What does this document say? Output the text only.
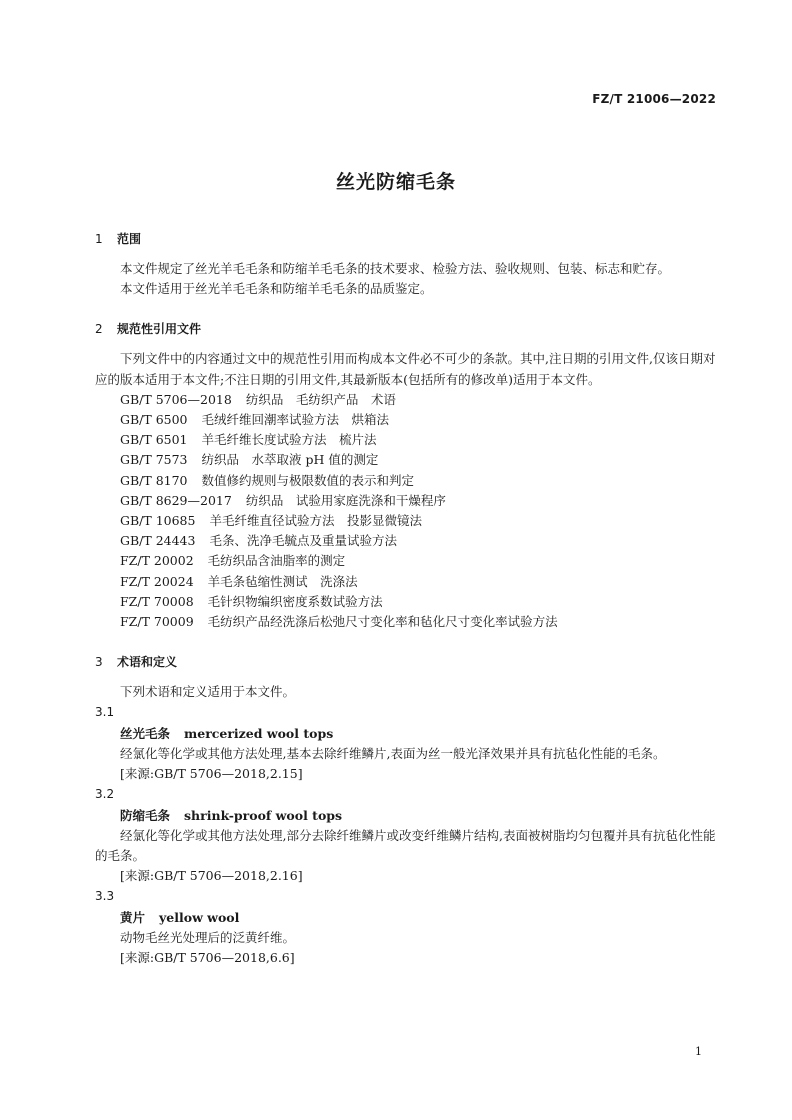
FZ/T 21006—2022
丝光防缩毛条
1 范围

本文件规定了丝光羊毛毛条和防缩羊毛毛条的技术要求、检验方法、验收规则、包装、标志和贮存。

本文件适用于丝光羊毛毛条和防缩羊毛毛条的品质鉴定。

2 规范性引用文件

下列文件中的内容通过文中的规范性引用而构成本文件必不可少的条款。其中,注日期的引用文件,仅该日期对应的版本适用于本文件;不注日期的引用文件,其最新版本(包括所有的修改单)适用于本文件。

GB/T 5706—2018 纺织品　毛纺织产品　术语

GB/T 6500 毛绒纤维回潮率试验方法　烘箱法

GB/T 6501 羊毛纤维长度试验方法　梳片法

GB/T 7573 纺织品　水萃取液 pH 值的测定

GB/T 8170 数值修约规则与极限数值的表示和判定

GB/T 8629—2017 纺织品　试验用家庭洗涤和干燥程序

GB/T 10685 羊毛纤维直径试验方法　投影显微镜法

GB/T 24443 毛条、洗净毛毓点及重量试验方法

FZ/T 20002 毛纺织品含油脂率的测定

FZ/T 20024 羊毛条毡缩性测试　洗涤法

FZ/T 70008 毛针织物编织密度系数试验方法

FZ/T 70009 毛纺织产品经洗涤后松弛尺寸变化率和毡化尺寸变化率试验方法

3 术语和定义

下列术语和定义适用于本文件。

3.1
丝光毛条 mercerized wool tops

经氯化等化学或其他方法处理,基本去除纤维鳞片,表面为丝一般光泽效果并具有抗毡化性能的毛条。

[来源:GB/T 5706—2018,2.15]

3.2
防缩毛条 shrink-proof wool tops

经氯化等化学或其他方法处理,部分去除纤维鳞片或改变纤维鳞片结构,表面被树脂均匀包覆并具有抗毡化性能的毛条。

[来源:GB/T 5706—2018,2.16]

3.3
黄片 yellow wool

动物毛丝光处理后的泛黄纤维。

[来源:GB/T 5706—2018,6.6]

1
